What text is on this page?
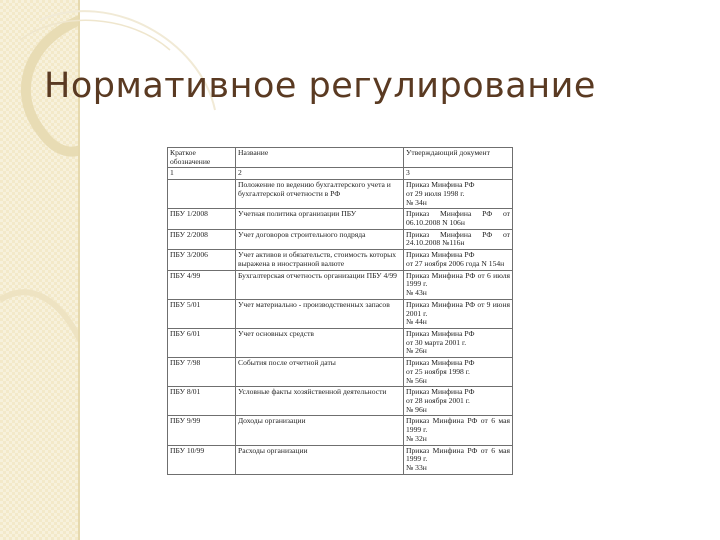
Нормативное регулирование
Краткое обозначение	Название	Утверждающий документ

1	2	3

	Положение по ведению бухгалтерского учета и бухгалтерской отчетности в РФ	Приказ Минфина РФ
от 29 июля 1998 г.
№ 34н

ПБУ 1/2008	Учетная политика организации ПБУ	Приказ Минфина РФ от 06.10.2008 N 106н

ПБУ 2/2008	Учет договоров строительного подряда	Приказ Минфина РФ от 24.10.2008 №116н

ПБУ 3/2006	Учет активов и обязательств, стоимость которых выражена в иностранной валюте	Приказ Минфина РФ
от 27 ноября 2006 года N 154н

ПБУ 4/99	Бухгалтерская отчетность организации ПБУ 4/99	Приказ Минфина РФ от 6 июля 1999 г.
№ 43н

ПБУ 5/01	Учет материально - производственных запасов	Приказ Минфина РФ от 9 июня 2001 г.
№ 44н

ПБУ 6/01	Учет основных средств	Приказ Минфина РФ
от 30 марта 2001 г.
№ 26н

ПБУ 7/98	События после отчетной даты	Приказ Минфина РФ
от 25 ноября 1998 г.
№ 56н

ПБУ 8/01	Условные факты хозяйственной деятельности	Приказ Минфина РФ
от 28 ноября 2001 г.
№ 96н

ПБУ 9/99	Доходы организации	Приказ Минфина РФ от 6 мая 1999 г.
№ 32н

ПБУ 10/99	Расходы организации	Приказ Минфина РФ от 6 мая 1999 г.
№ 33н
